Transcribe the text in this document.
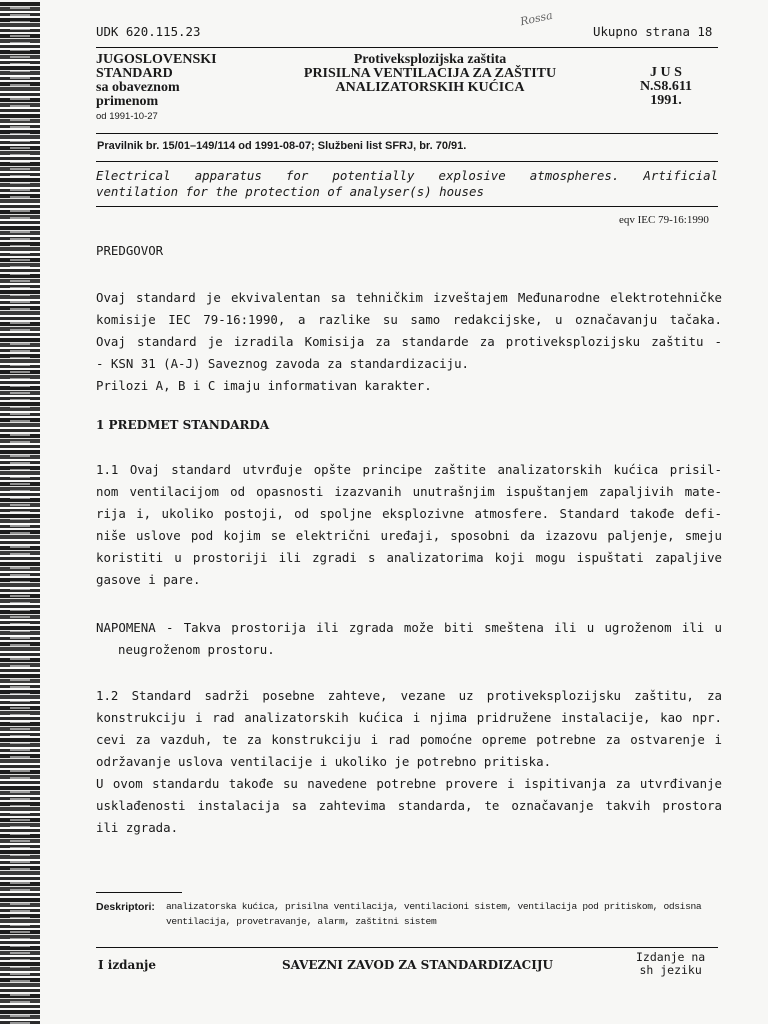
UDK 620.115.23
Rossa
Ukupno strana 18
JUGOSLOVENSKI
STANDARD
sa obaveznom
primenom
od 1991-10-27
Protiveksplozijska zaštita
PRISILNA VENTILACIJA ZA ZAŠTITU
ANALIZATORSKIH KUĆICA
J U S
N.S8.611
1991.
Pravilnik br. 15/01–149/114 od 1991-08-07; Službeni list SFRJ, br. 70/91.
Electrical apparatus for potentially explosive atmospheres. Artificial
ventilation for the protection of analyser(s) houses
eqv IEC 79-16:1990
PREDGOVOR
Ovaj standard je ekvivalentan sa tehničkim izveštajem Međunarodne elektrotehničke
komisije IEC 79-16:1990, a razlike su samo redakcijske, u označavanju tačaka.
Ovaj standard je izradila Komisija za standarde za protiveksplozijsku zaštitu -
- KSN 31 (A-J) Saveznog zavoda za standardizaciju.
Prilozi A, B i C imaju informativan karakter.
1 PREDMET STANDARDA
1.1 Ovaj standard utvrđuje opšte principe zaštite analizatorskih kućica prisil-
nom ventilacijom od opasnosti izazvanih unutrašnjim ispuštanjem zapaljivih mate-
rija i, ukoliko postoji, od spoljne eksplozivne atmosfere. Standard takođe defi-
niše uslove pod kojim se električni uređaji, sposobni da izazovu paljenje, smeju
koristiti u prostoriji ili zgradi s analizatorima koji mogu ispuštati zapaljive
gasove i pare.
NAPOMENA - Takva prostorija ili zgrada može biti smeštena ili u ugroženom ili u
neugroženom prostoru.
1.2 Standard sadrži posebne zahteve, vezane uz protiveksplozijsku zaštitu, za
konstrukciju i rad analizatorskih kućica i njima pridružene instalacije, kao npr.
cevi za vazduh, te za konstrukciju i rad pomoćne opreme potrebne za ostvarenje i
održavanje uslova ventilacije i ukoliko je potrebno pritiska.
U ovom standardu takođe su navedene potrebne provere i ispitivanja za utvrđivanje
usklađenosti instalacija sa zahtevima standarda, te označavanje takvih prostora
ili zgrada.
Deskriptori: analizatorska kućica, prisilna ventilacija, ventilacioni sistem, ventilacija pod pritiskom, odsisna
ventilacija, provetravanje, alarm, zaštitni sistem
I izdanje	SAVEZNI ZAVOD ZA STANDARDIZACIJU
Izdanje na
sh jeziku
